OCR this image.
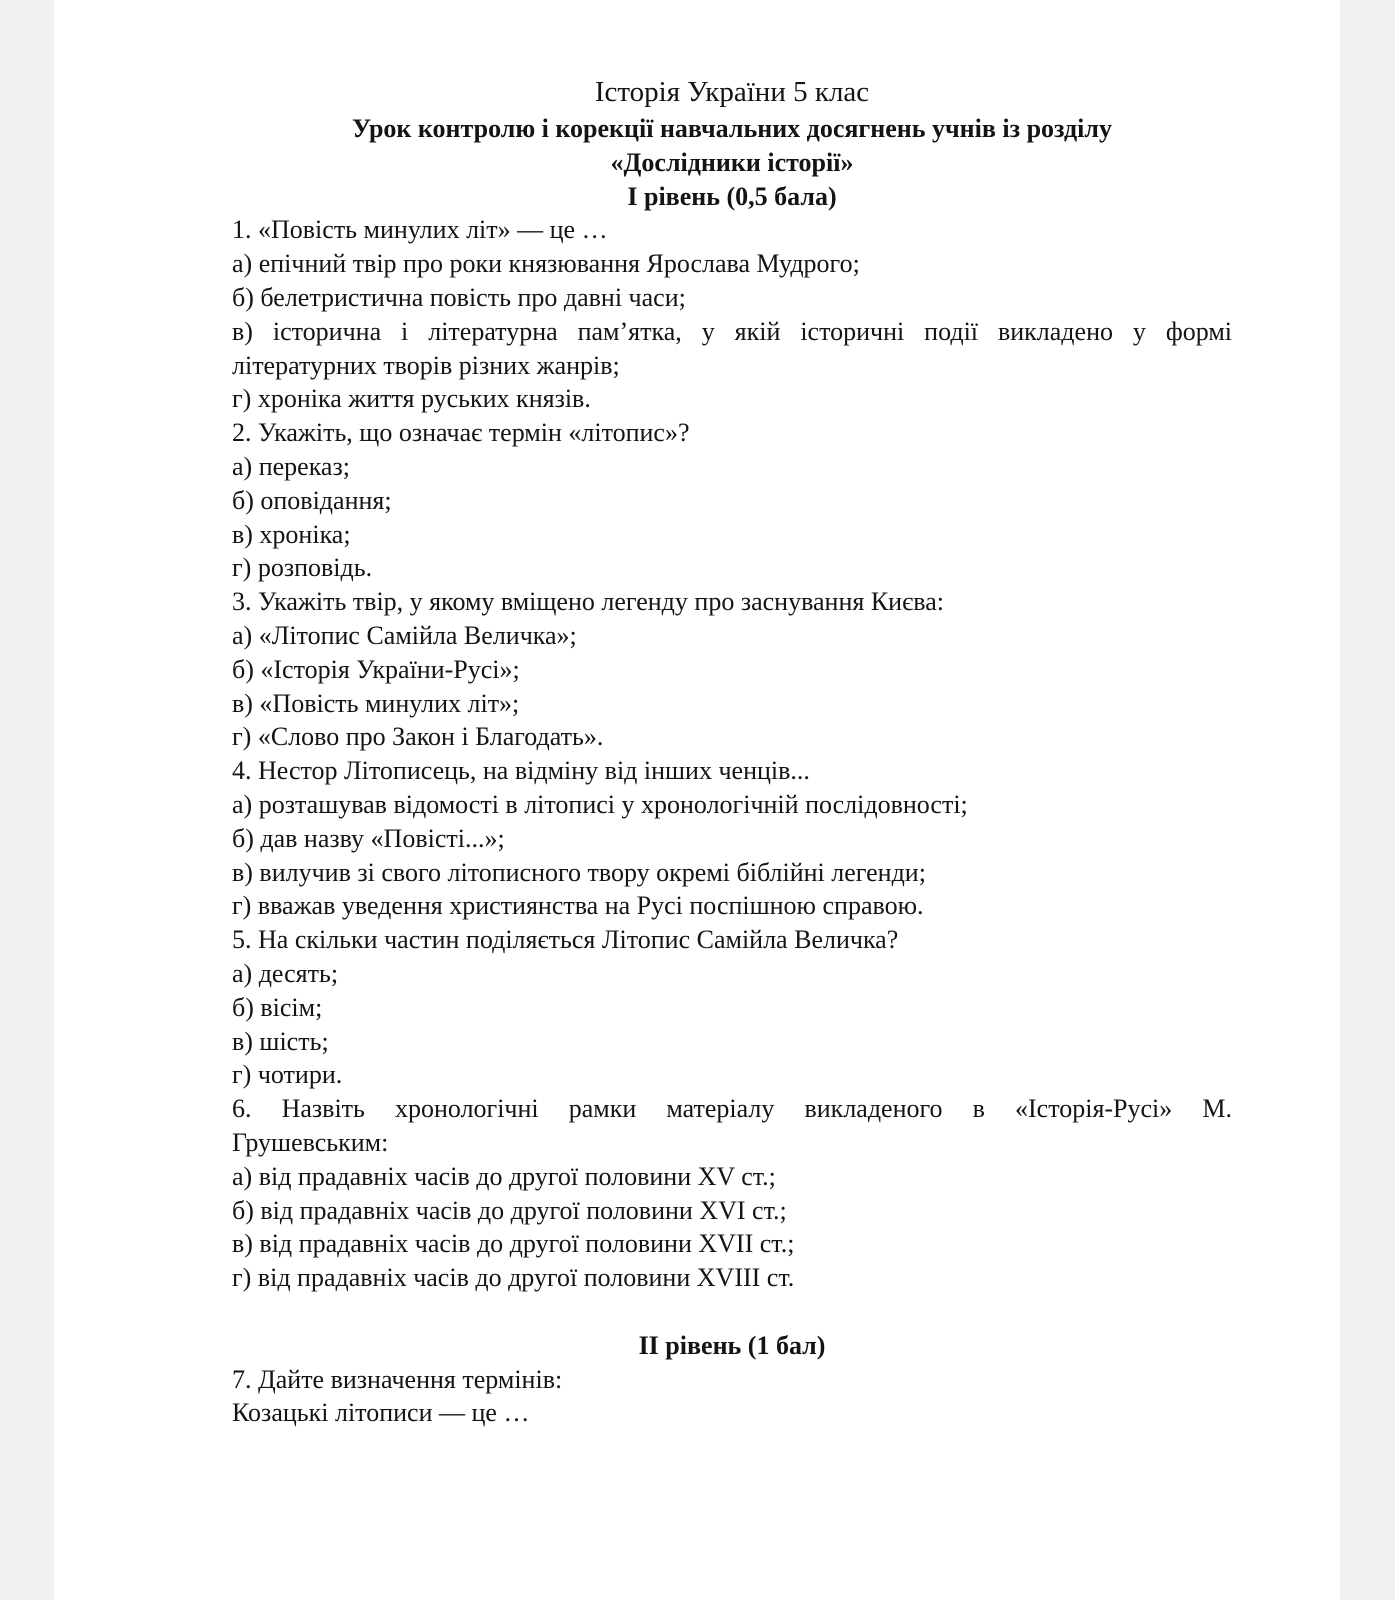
Історія України 5 клас
Урок контролю і корекції навчальних досягнень учнів із розділу
«Дослідники історії»
І рівень (0,5 бала)
1. «Повість минулих літ» — це …
а) епічний твір про роки князювання Ярослава Мудрого;
б) белетристична повість про давні часи;
в) історична і літературна пам’ятка, у якій історичні події викладено у формі
літературних творів різних жанрів;
г) хроніка життя руських князів.
2. Укажіть, що означає термін «літопис»?
а) переказ;
б) оповідання;
в) хроніка;
г) розповідь.
3. Укажіть твір, у якому вміщено легенду про заснування Києва:
а) «Літопис Самійла Величка»;
б) «Історія України-Русі»;
в) «Повість минулих літ»;
г) «Слово про Закон і Благодать».
4. Нестор Літописець, на відміну від інших ченців...
а) розташував відомості в літописі у хронологічній послідовності;
б) дав назву «Повісті...»;
в) вилучив зі свого літописного твору окремі біблійні легенди;
г) вважав уведення християнства на Русі поспішною справою.
5. На скільки частин поділяється Літопис Самійла Величка?
а) десять;
б) вісім;
в) шість;
г) чотири.
6. Назвіть хронологічні рамки матеріалу викладеного в «Історія-Русі» М.
Грушевським:
а) від прадавніх часів до другої половини XV ст.;
б) від прадавніх часів до другої половини XVI ст.;
в) від прадавніх часів до другої половини XVII ст.;
г) від прадавніх часів до другої половини XVIII ст.
ІІ рівень (1 бал)
7. Дайте визначення термінів:
Козацькі літописи — це …
